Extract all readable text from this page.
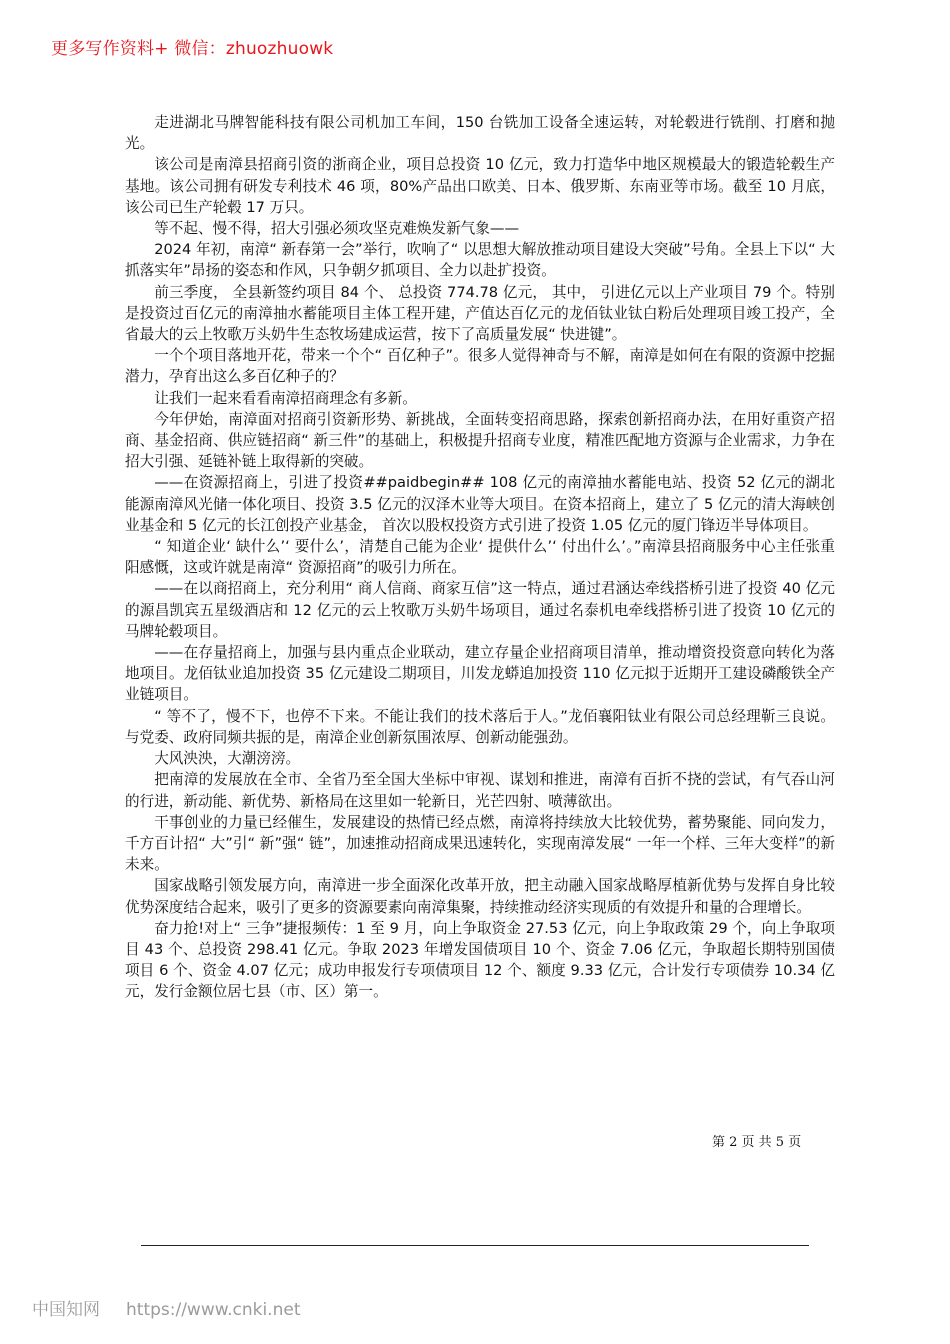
更多写作资料+ 微信：zhuozhuowk

走进湖北马牌智能科技有限公司机加工车间，150 台铣加工设备全速运转，对轮毂进行铣削、打磨和抛光。

该公司是南漳县招商引资的浙商企业，项目总投资 10 亿元，致力打造华中地区规模最大的锻造轮毂生产基地。该公司拥有研发专利技术 46 项，80%产品出口欧美、日本、俄罗斯、东南亚等市场。截至 10 月底，该公司已生产轮毂 17 万只。

等不起、慢不得，招大引强必须攻坚克难焕发新气象——

2024 年初，南漳“ 新春第一会”举行，吹响了“ 以思想大解放推动项目建设大突破”号角。全县上下以“ 大抓落实年”昂扬的姿态和作风，只争朝夕抓项目、全力以赴扩投资。

前三季度， 全县新签约项目 84 个、 总投资 774.78 亿元， 其中， 引进亿元以上产业项目 79 个。特别是投资过百亿元的南漳抽水蓄能项目主体工程开建，产值达百亿元的龙佰钛业钛白粉后处理项目竣工投产，全省最大的云上牧歌万头奶牛生态牧场建成运营，按下了高质量发展“ 快进键”。

一个个项目落地开花，带来一个个“ 百亿种子”。很多人觉得神奇与不解，南漳是如何在有限的资源中挖掘潜力，孕育出这么多百亿种子的？

让我们一起来看看南漳招商理念有多新。

今年伊始，南漳面对招商引资新形势、新挑战，全面转变招商思路，探索创新招商办法，在用好重资产招商、基金招商、供应链招商“ 新三件”的基础上，积极提升招商专业度，精准匹配地方资源与企业需求，力争在招大引强、延链补链上取得新的突破。

——在资源招商上，引进了投资##paidbegin## 108 亿元的南漳抽水蓄能电站、投资 52 亿元的湖北能源南漳风光储一体化项目、投资 3.5 亿元的汉泽木业等大项目。在资本招商上，建立了 5 亿元的清大海峡创业基金和 5 亿元的长江创投产业基金， 首次以股权投资方式引进了投资 1.05 亿元的厦门锋迈半导体项目。

“ 知道企业‘ 缺什么’‘ 要什么’，清楚自己能为企业‘ 提供什么’‘ 付出什么’。”南漳县招商服务中心主任张重阳感慨，这或许就是南漳“ 资源招商”的吸引力所在。

——在以商招商上，充分利用“ 商人信商、商家互信”这一特点，通过君涵达牵线搭桥引进了投资 40 亿元的源昌凯宾五星级酒店和 12 亿元的云上牧歌万头奶牛场项目，通过名泰机电牵线搭桥引进了投资 10 亿元的马牌轮毂项目。

——在存量招商上，加强与县内重点企业联动，建立存量企业招商项目清单，推动增资投资意向转化为落地项目。龙佰钛业追加投资 35 亿元建设二期项目，川发龙蟒追加投资 110 亿元拟于近期开工建设磷酸铁全产业链项目。

“ 等不了，慢不下，也停不下来。不能让我们的技术落后于人。”龙佰襄阳钛业有限公司总经理靳三良说。与党委、政府同频共振的是，南漳企业创新氛围浓厚、创新动能强劲。

大风泱泱，大潮滂滂。

把南漳的发展放在全市、全省乃至全国大坐标中审视、谋划和推进，南漳有百折不挠的尝试，有气吞山河的行进，新动能、新优势、新格局在这里如一轮新日，光芒四射、喷薄欲出。

干事创业的力量已经催生，发展建设的热情已经点燃，南漳将持续放大比较优势，蓄势聚能、同向发力，千方百计招“ 大”引“ 新”强“ 链”，加速推动招商成果迅速转化，实现南漳发展“ 一年一个样、三年大变样”的新未来。

国家战略引领发展方向，南漳进一步全面深化改革开放，把主动融入国家战略厚植新优势与发挥自身比较优势深度结合起来，吸引了更多的资源要素向南漳集聚，持续推动经济实现质的有效提升和量的合理增长。

奋力抢!对上“ 三争”捷报频传：1 至 9 月，向上争取资金 27.53 亿元，向上争取政策 29 个，向上争取项目 43 个、总投资 298.41 亿元。争取 2023 年增发国债项目 10 个、资金 7.06 亿元，争取超长期特别国债项目 6 个、资金 4.07 亿元；成功申报发行专项债项目 12 个、额度 9.33 亿元，合计发行专项债券 10.34 亿元，发行金额位居七县（市、区）第一。

第 2 页 共 5 页
中国知网 https://www.cnki.net
